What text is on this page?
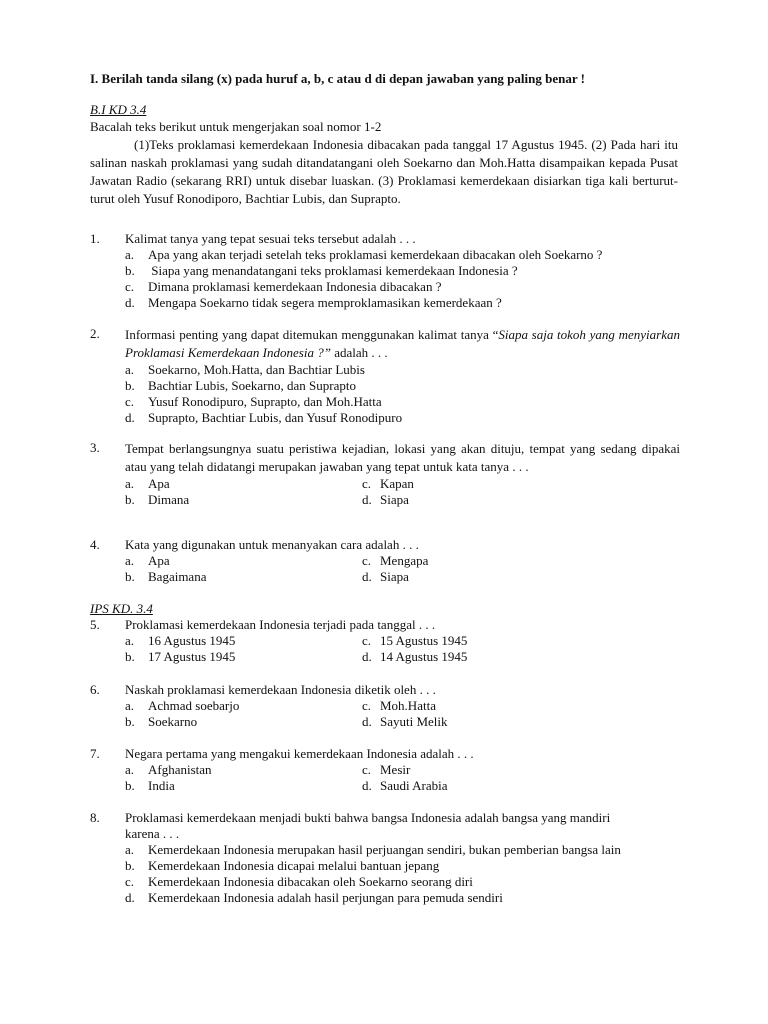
I. Berilah tanda silang (x) pada huruf a, b, c atau d di depan jawaban yang paling benar !
B.I KD 3.4
Bacalah teks berikut untuk mengerjakan soal nomor 1-2

(1)Teks proklamasi kemerdekaan Indonesia dibacakan pada tanggal 17 Agustus 1945. (2) Pada hari itu salinan naskah proklamasi yang sudah ditandatangani oleh Soekarno dan Moh.Hatta disampaikan kepada Pusat Jawatan Radio (sekarang RRI) untuk disebar luaskan. (3) Proklamasi kemerdekaan disiarkan tiga kali berturut-turut oleh Yusuf Ronodiporo, Bachtiar Lubis, dan Suprapto.

1. Kalimat tanya yang tepat sesuai teks tersebut adalah . . .
a. Apa yang akan terjadi setelah teks proklamasi kemerdekaan dibacakan oleh Soekarno ?
b. Siapa yang menandatangani teks proklamasi kemerdekaan Indonesia ?
c. Dimana proklamasi kemerdekaan Indonesia dibacakan ?
d. Mengapa Soekarno tidak segera memproklamasikan kemerdekaan ?
2. Informasi penting yang dapat ditemukan menggunakan kalimat tanya “Siapa saja tokoh yang menyiarkan Proklamasi Kemerdekaan Indonesia ?” adalah . . .
a. Soekarno, Moh.Hatta, dan Bachtiar Lubis
b. Bachtiar Lubis, Soekarno, dan Suprapto
c. Yusuf Ronodipuro, Suprapto, dan Moh.Hatta
d. Suprapto, Bachtiar Lubis, dan Yusuf Ronodipuro
3. Tempat berlangsungnya suatu peristiwa kejadian, lokasi yang akan dituju, tempat yang sedang dipakai atau yang telah didatangi merupakan jawaban yang tepat untuk kata tanya . . .
a. Apa	c. Kapan
b. Dimana	d. Siapa
4. Kata yang digunakan untuk menanyakan cara adalah . . .
a. Apa	c. Mengapa
b. Bagaimana	d. Siapa
IPS KD. 3.4
5. Proklamasi kemerdekaan Indonesia terjadi pada tanggal . . .
a. 16 Agustus 1945	c. 15 Agustus 1945
b. 17 Agustus 1945	d. 14 Agustus 1945
6. Naskah proklamasi kemerdekaan Indonesia diketik oleh . . .
a. Achmad soebarjo	c. Moh.Hatta
b. Soekarno	d. Sayuti Melik
7. Negara pertama yang mengakui kemerdekaan Indonesia adalah . . .
a. Afghanistan	c. Mesir
b. India	d. Saudi Arabia
8. Proklamasi kemerdekaan menjadi bukti bahwa bangsa Indonesia adalah bangsa yang mandiri
karena . . .
a. Kemerdekaan Indonesia merupakan hasil perjuangan sendiri, bukan pemberian bangsa lain
b. Kemerdekaan Indonesia dicapai melalui bantuan jepang
c. Kemerdekaan Indonesia dibacakan oleh Soekarno seorang diri
d. Kemerdekaan Indonesia adalah hasil perjungan para pemuda sendiri
